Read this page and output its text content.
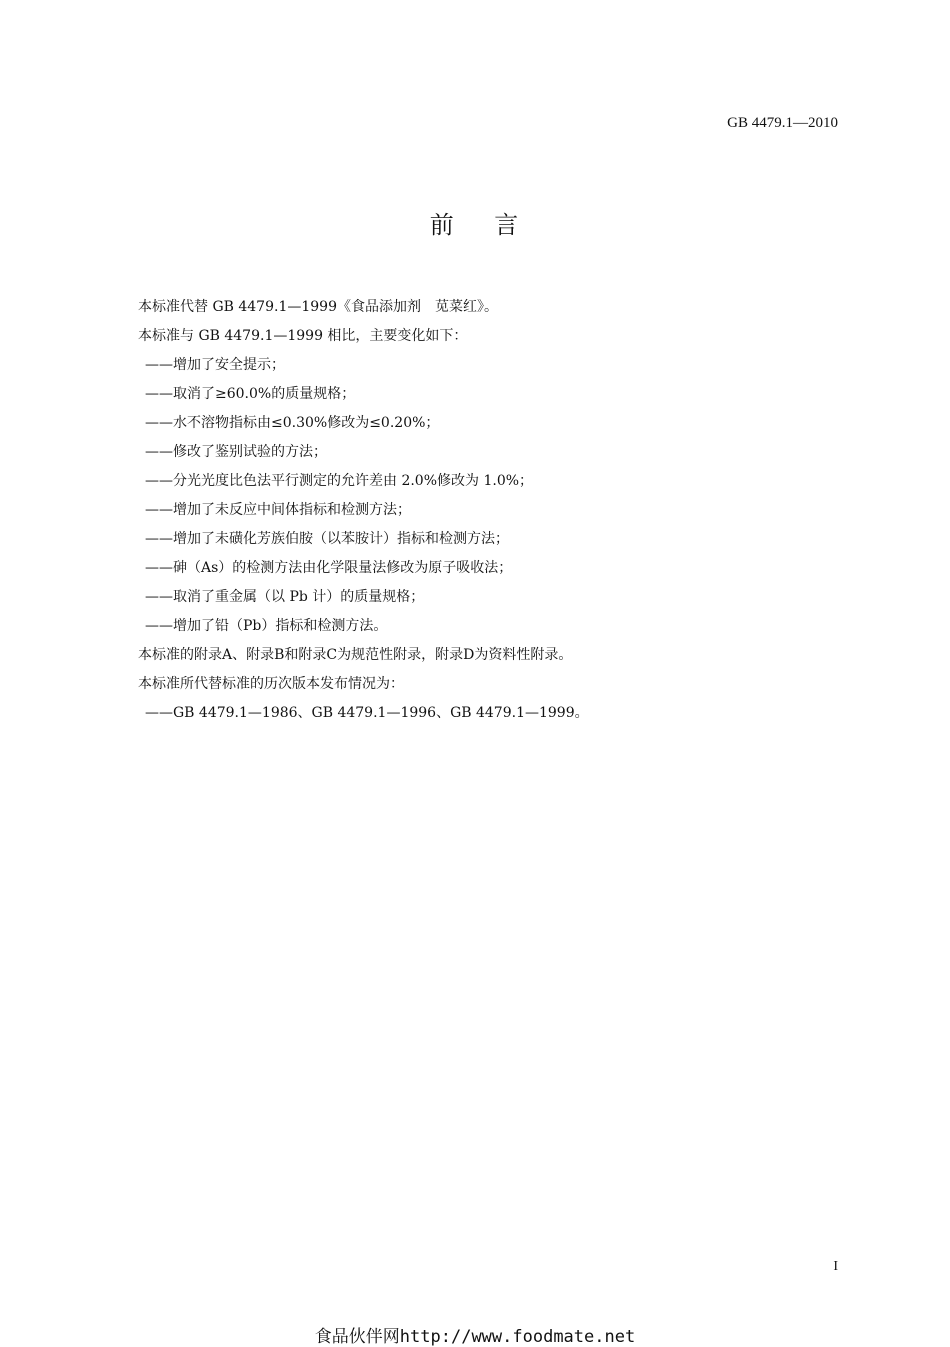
GB 4479.1—2010
前    言
本标准代替 GB 4479.1—1999《食品添加剂　苋菜红》。
本标准与 GB 4479.1—1999 相比，主要变化如下：
——增加了安全提示；
——取消了≥60.0%的质量规格；
——水不溶物指标由≤0.30%修改为≤0.20%；
——修改了鉴别试验的方法；
——分光光度比色法平行测定的允许差由 2.0%修改为 1.0%；
——增加了未反应中间体指标和检测方法；
——增加了未磺化芳族伯胺（以苯胺计）指标和检测方法；
——砷（As）的检测方法由化学限量法修改为原子吸收法；
——取消了重金属（以 Pb 计）的质量规格；
——增加了铅（Pb）指标和检测方法。
本标准的附录A、附录B和附录C为规范性附录，附录D为资料性附录。
本标准所代替标准的历次版本发布情况为：
——GB 4479.1—1986、GB 4479.1—1996、GB 4479.1—1999。
I
食品伙伴网http://www.foodmate.net
